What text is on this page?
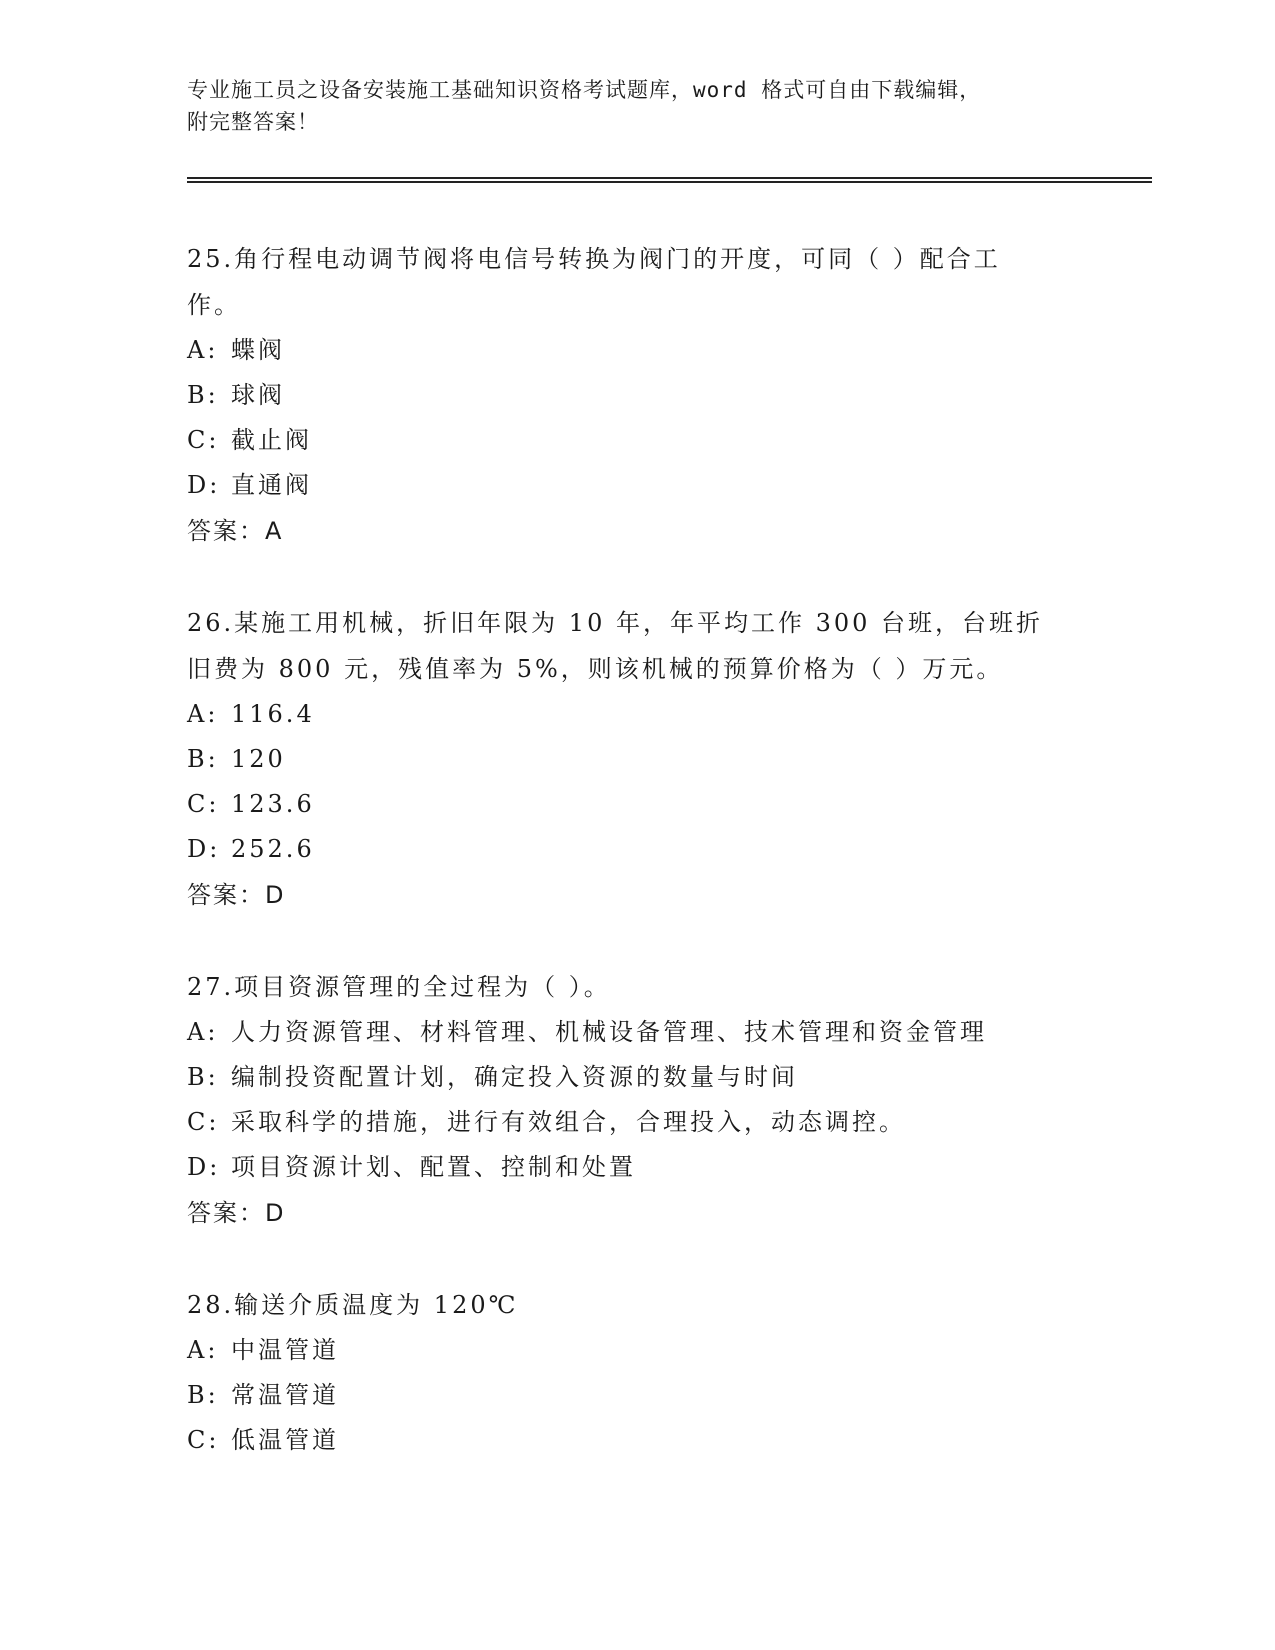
专业施工员之设备安装施工基础知识资格考试题库，word 格式可自由下载编辑，
附完整答案！
25.角行程电动调节阀将电信号转换为阀门的开度，可同（ ）配合工
作。
A: 蝶阀
B: 球阀
C: 截止阀
D: 直通阀
答案：A
26.某施工用机械，折旧年限为 10 年，年平均工作 300 台班，台班折
旧费为 800 元，残值率为 5%，则该机械的预算价格为（ ）万元。
A: 116.4
B: 120
C: 123.6
D: 252.6
答案：D
27.项目资源管理的全过程为（ ）。
A: 人力资源管理、材料管理、机械设备管理、技术管理和资金管理
B: 编制投资配置计划，确定投入资源的数量与时间
C: 采取科学的措施，进行有效组合，合理投入，动态调控。
D: 项目资源计划、配置、控制和处置
答案：D
28.输送介质温度为 120℃
A: 中温管道
B: 常温管道
C: 低温管道
